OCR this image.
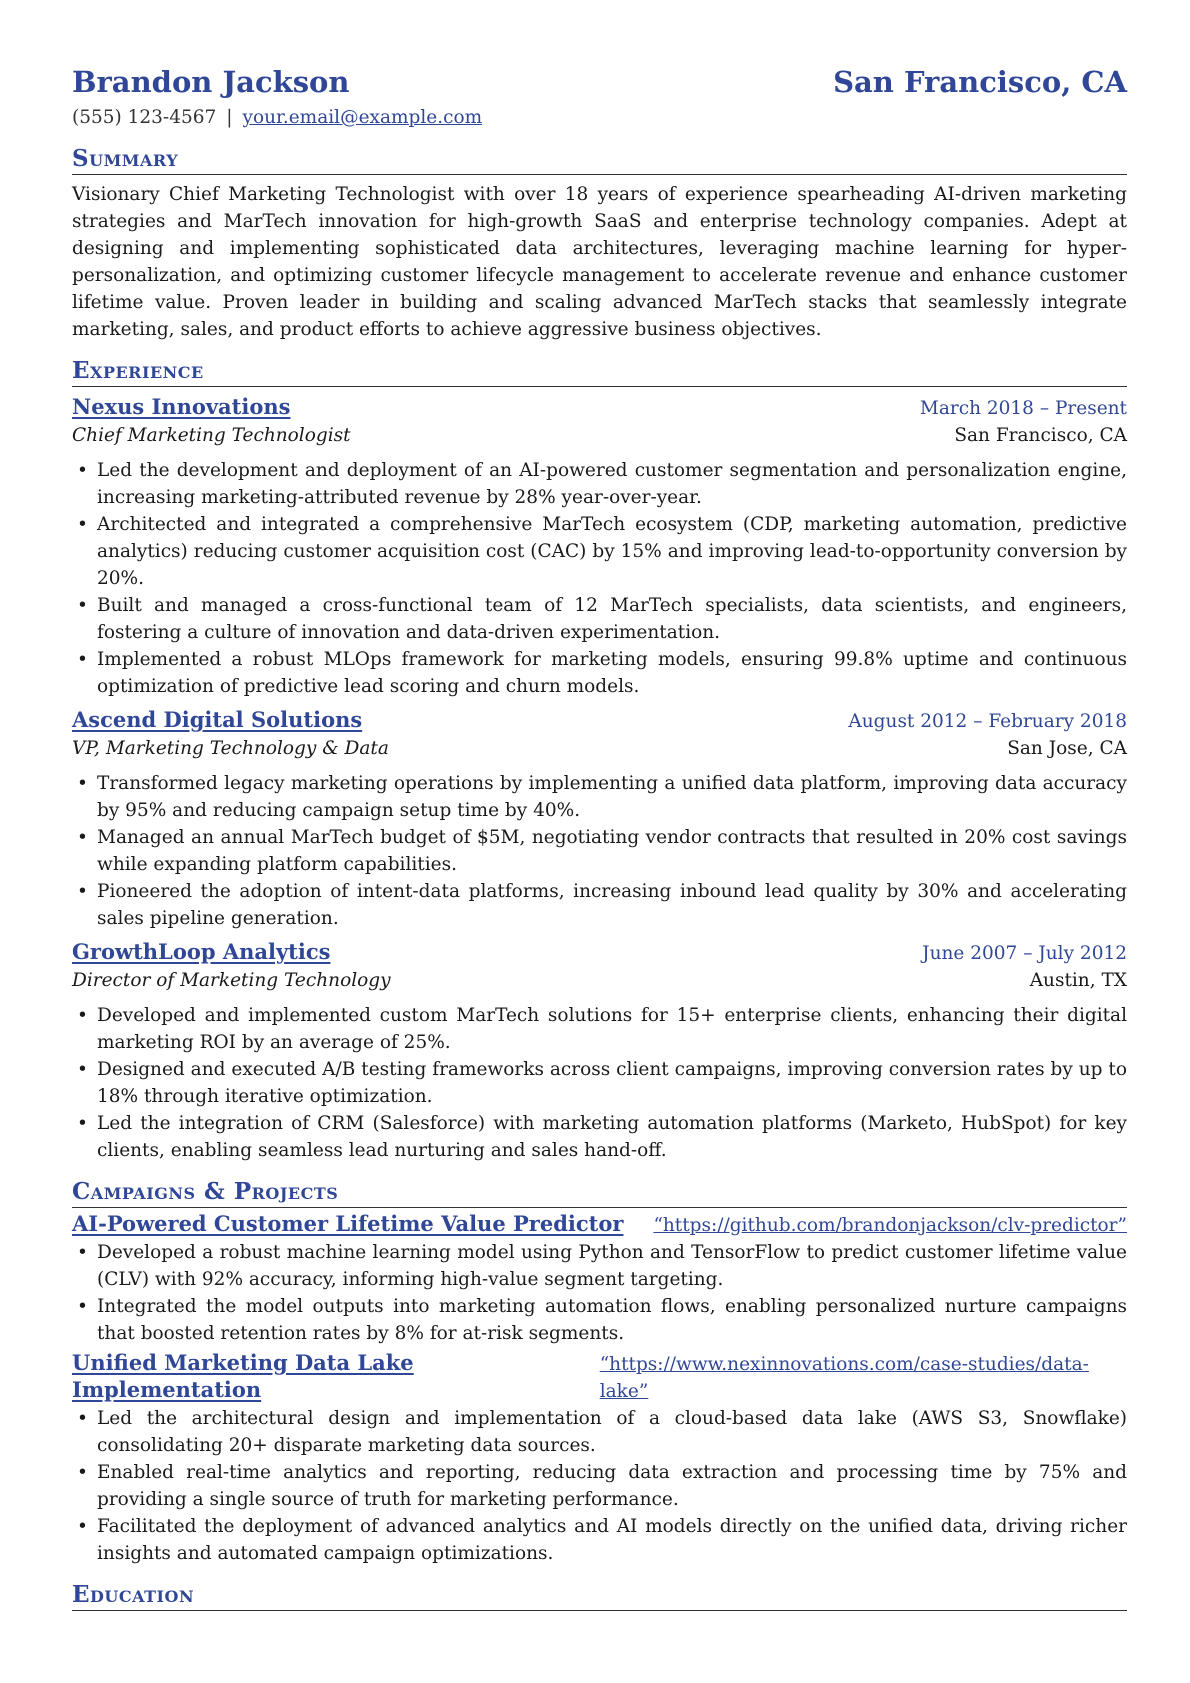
Brandon Jackson	San Francisco, CA
(555) 123-4567 | your.email@example.com
Summary
Visionary Chief Marketing Technologist with over 18 years of experience spearheading AI-driven marketing strategies and MarTech innovation for high-growth SaaS and enterprise technology companies. Adept at designing and implementing sophisticated data architectures, leveraging machine learning for hyper-personalization, and optimizing customer lifecycle management to accelerate revenue and enhance customer lifetime value. Proven leader in building and scaling advanced MarTech stacks that seamlessly integrate marketing, sales, and product efforts to achieve aggressive business objectives.
Experience
Nexus Innovations	March 2018 – Present
Chief Marketing Technologist	San Francisco, CA
• Led the development and deployment of an AI-powered customer segmentation and personalization engine, increasing marketing-attributed revenue by 28% year-over-year.
• Architected and integrated a comprehensive MarTech ecosystem (CDP, marketing automation, predictive analytics) reducing customer acquisition cost (CAC) by 15% and improving lead-to-opportunity conversion by 20%.
• Built and managed a cross-functional team of 12 MarTech specialists, data scientists, and engineers, fostering a culture of innovation and data-driven experimentation.
• Implemented a robust MLOps framework for marketing models, ensuring 99.8% uptime and continuous optimization of predictive lead scoring and churn models.
Ascend Digital Solutions	August 2012 – February 2018
VP, Marketing Technology & Data	San Jose, CA
• Transformed legacy marketing operations by implementing a unified data platform, improving data accuracy by 95% and reducing campaign setup time by 40%.
• Managed an annual MarTech budget of $5M, negotiating vendor contracts that resulted in 20% cost savings while expanding platform capabilities.
• Pioneered the adoption of intent-data platforms, increasing inbound lead quality by 30% and accelerating sales pipeline generation.
GrowthLoop Analytics	June 2007 – July 2012
Director of Marketing Technology	Austin, TX
• Developed and implemented custom MarTech solutions for 15+ enterprise clients, enhancing their digital marketing ROI by an average of 25%.
• Designed and executed A/B testing frameworks across client campaigns, improving conversion rates by up to 18% through iterative optimization.
• Led the integration of CRM (Salesforce) with marketing automation platforms (Marketo, HubSpot) for key clients, enabling seamless lead nurturing and sales hand-off.
Campaigns & Projects
AI-Powered Customer Lifetime Value Predictor “https://github.com/brandonjackson/clv-predictor”
• Developed a robust machine learning model using Python and TensorFlow to predict customer lifetime value (CLV) with 92% accuracy, informing high-value segment targeting.
• Integrated the model outputs into marketing automation flows, enabling personalized nurture campaigns that boosted retention rates by 8% for at-risk segments.
Unified Marketing Data Lake Implementation
“https://www.nexinnovations.com/case-studies/data-lake”
• Led the architectural design and implementation of a cloud-based data lake (AWS S3, Snowflake) consolidating 20+ disparate marketing data sources.
• Enabled real-time analytics and reporting, reducing data extraction and processing time by 75% and providing a single source of truth for marketing performance.
• Facilitated the deployment of advanced analytics and AI models directly on the unified data, driving richer insights and automated campaign optimizations.
Education
